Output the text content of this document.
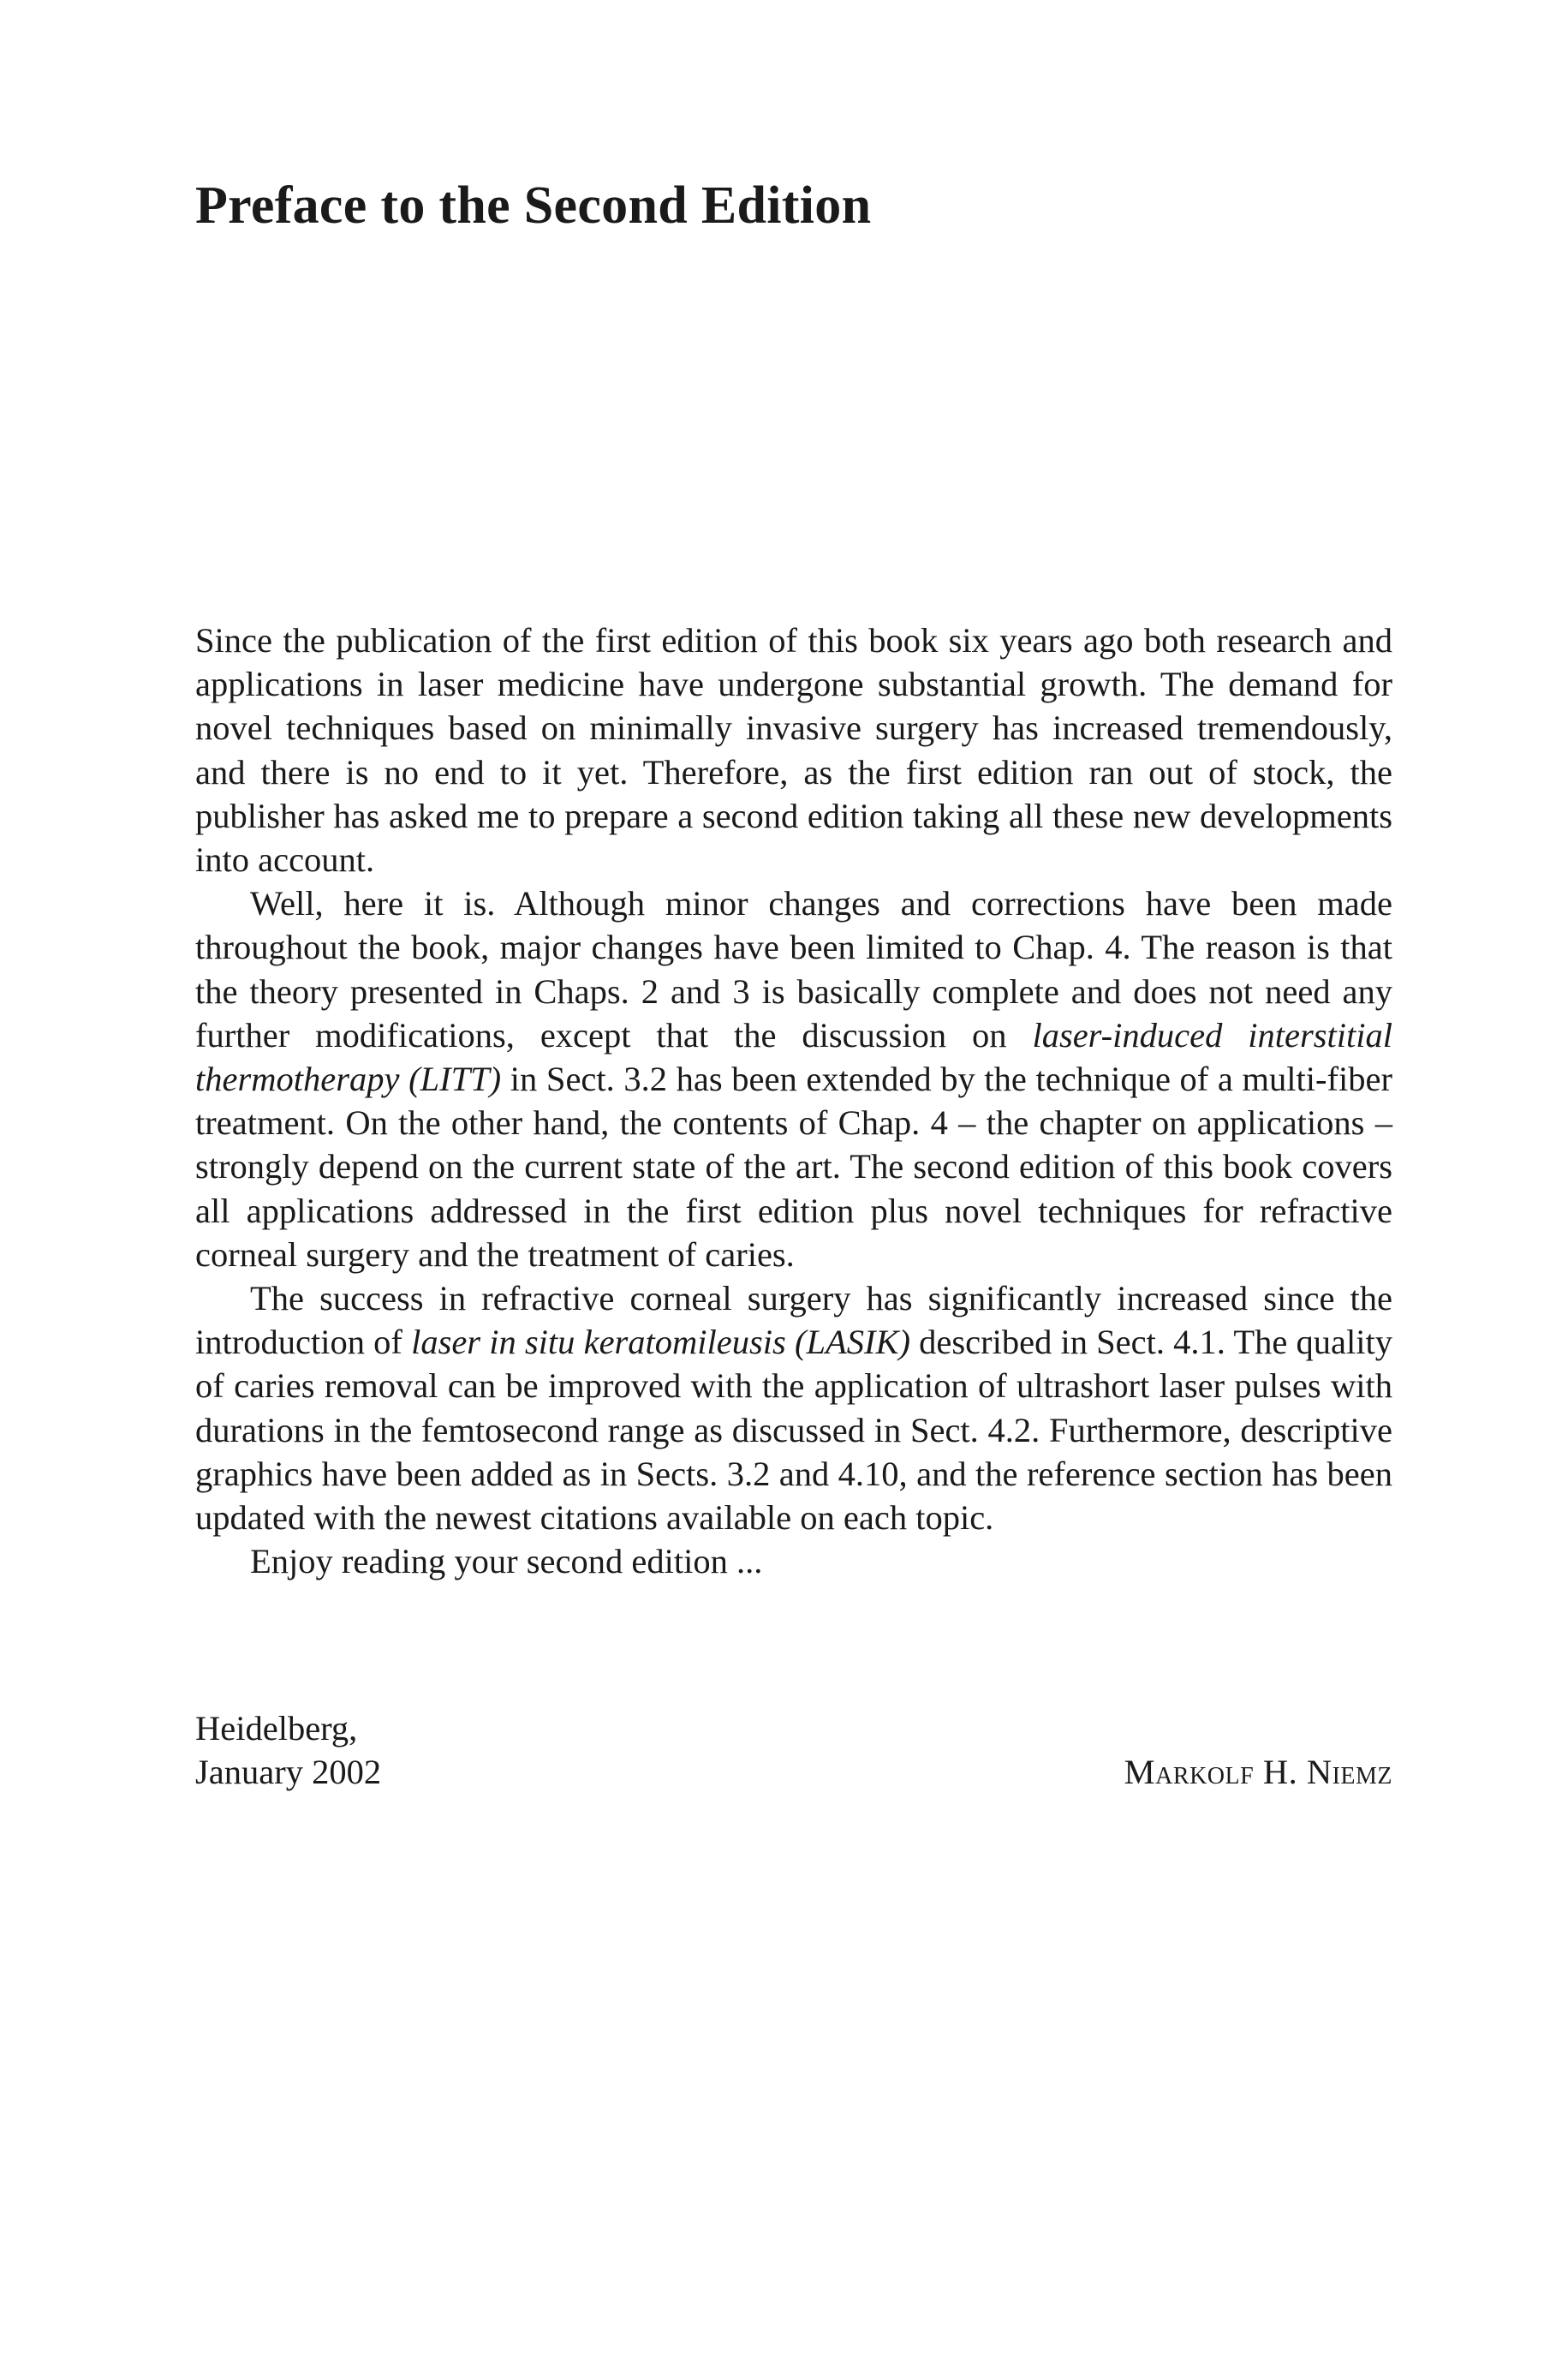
Preface to the Second Edition

Since the publication of the first edition of this book six years ago both research and applications in laser medicine have undergone substantial growth. The demand for novel techniques based on minimally invasive surgery has increased tremendously, and there is no end to it yet. Therefore, as the first edition ran out of stock, the publisher has asked me to prepare a second edition taking all these new developments into account.

Well, here it is. Although minor changes and corrections have been made throughout the book, major changes have been limited to Chap. 4. The reason is that the theory presented in Chaps. 2 and 3 is basically complete and does not need any further modifications, except that the discussion on laser-induced interstitial thermotherapy (LITT) in Sect. 3.2 has been extended by the technique of a multi-fiber treatment. On the other hand, the contents of Chap. 4 – the chapter on applications – strongly depend on the current state of the art. The second edition of this book covers all applications addressed in the first edition plus novel techniques for refractive corneal surgery and the treatment of caries.

The success in refractive corneal surgery has significantly increased since the introduction of laser in situ keratomileusis (LASIK) described in Sect. 4.1. The quality of caries removal can be improved with the application of ultrashort laser pulses with durations in the femtosecond range as discussed in Sect. 4.2. Furthermore, descriptive graphics have been added as in Sects. 3.2 and 4.10, and the reference section has been updated with the newest citations available on each topic.

Enjoy reading your second edition ...

Heidelberg,
January 2002	Markolf H. Niemz
